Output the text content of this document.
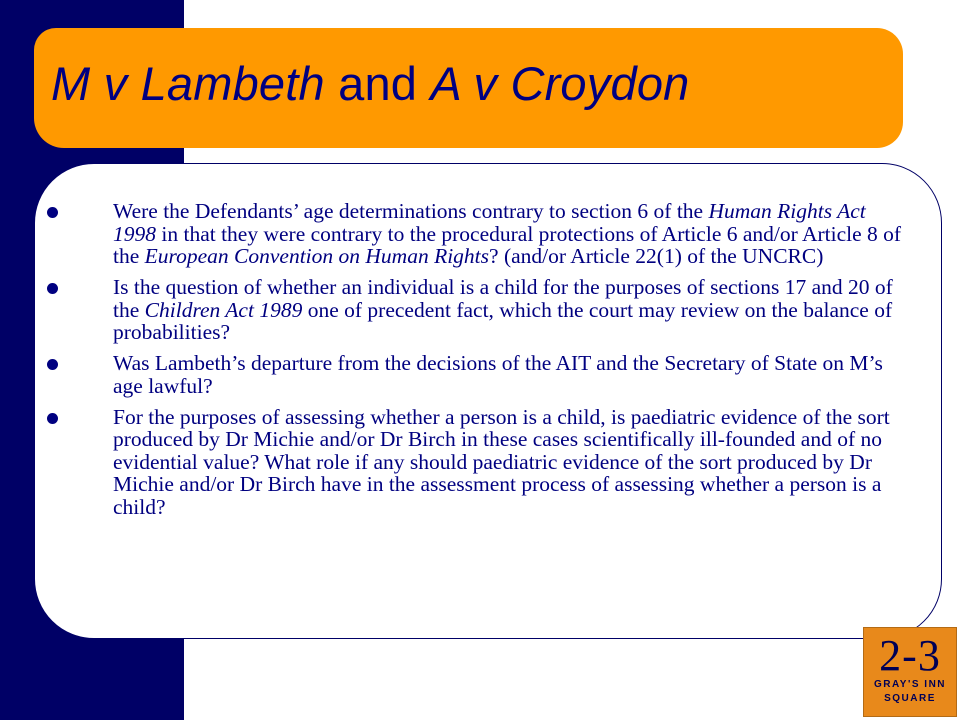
M v Lambeth and A v Croydon
Were the Defendants’ age determinations contrary to section 6 of the Human Rights Act 1998 in that they were contrary to the procedural protections of Article 6 and/or Article 8 of the European Convention on Human Rights? (and/or Article 22(1) of the UNCRC)
Is the question of whether an individual is a child for the purposes of sections 17 and 20 of the Children Act 1989 one of precedent fact, which the court may review on the balance of probabilities?
Was Lambeth’s departure from the decisions of the AIT and the Secretary of State on M’s age lawful?
For the purposes of assessing whether a person is a child, is paediatric evidence of the sort produced by Dr Michie and/or Dr Birch in these cases scientifically ill-founded and of no evidential value? What role if any should paediatric evidence of the sort produced by Dr Michie and/or Dr Birch have in the assessment process of assessing whether a person is a child?
2-3
GRAY'S INN
SQUARE
